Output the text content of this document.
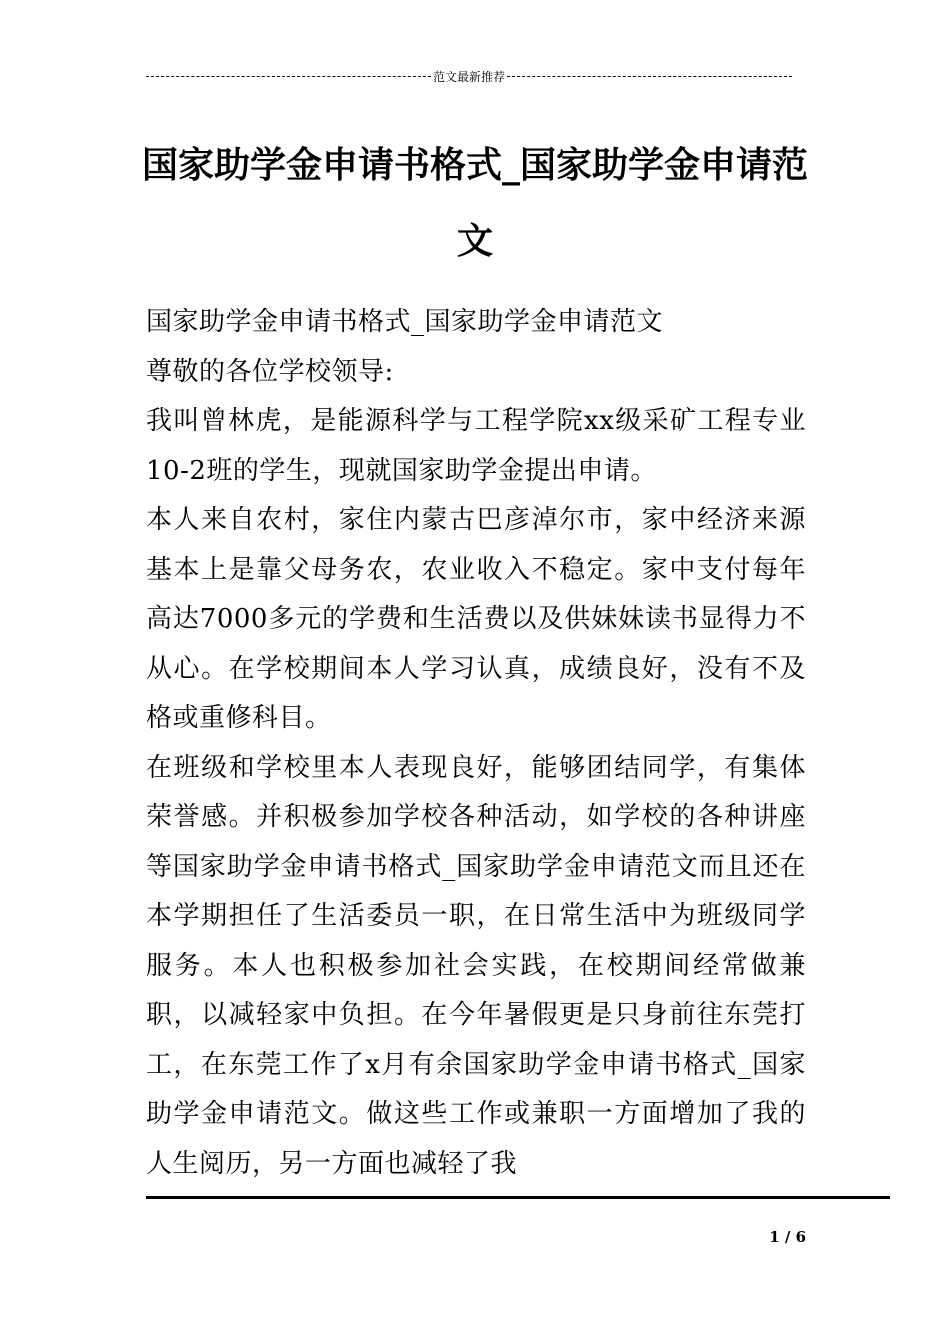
范文最新推荐
国家助学金申请书格式_国家助学金申请范文

国家助学金申请书格式_国家助学金申请范文

尊敬的各位学校领导:

我叫曾林虎，是能源科学与工程学院xx级采矿工程专业10-2班的学生，现就国家助学金提出申请。

本人来自农村，家住内蒙古巴彦淖尔市，家中经济来源基本上是靠父母务农，农业收入不稳定。家中支付每年高达7000多元的学费和生活费以及供妹妹读书显得力不从心。在学校期间本人学习认真，成绩良好，没有不及格或重修科目。

在班级和学校里本人表现良好，能够团结同学，有集体荣誉感。并积极参加学校各种活动，如学校的各种讲座等国家助学金申请书格式_国家助学金申请范文而且还在本学期担任了生活委员一职，在日常生活中为班级同学服务。本人也积极参加社会实践，在校期间经常做兼职，以减轻家中负担。在今年暑假更是只身前往东莞打工，在东莞工作了x月有余国家助学金申请书格式_国家助学金申请范文。做这些工作或兼职一方面增加了我的人生阅历，另一方面也减轻了我

1 / 6
